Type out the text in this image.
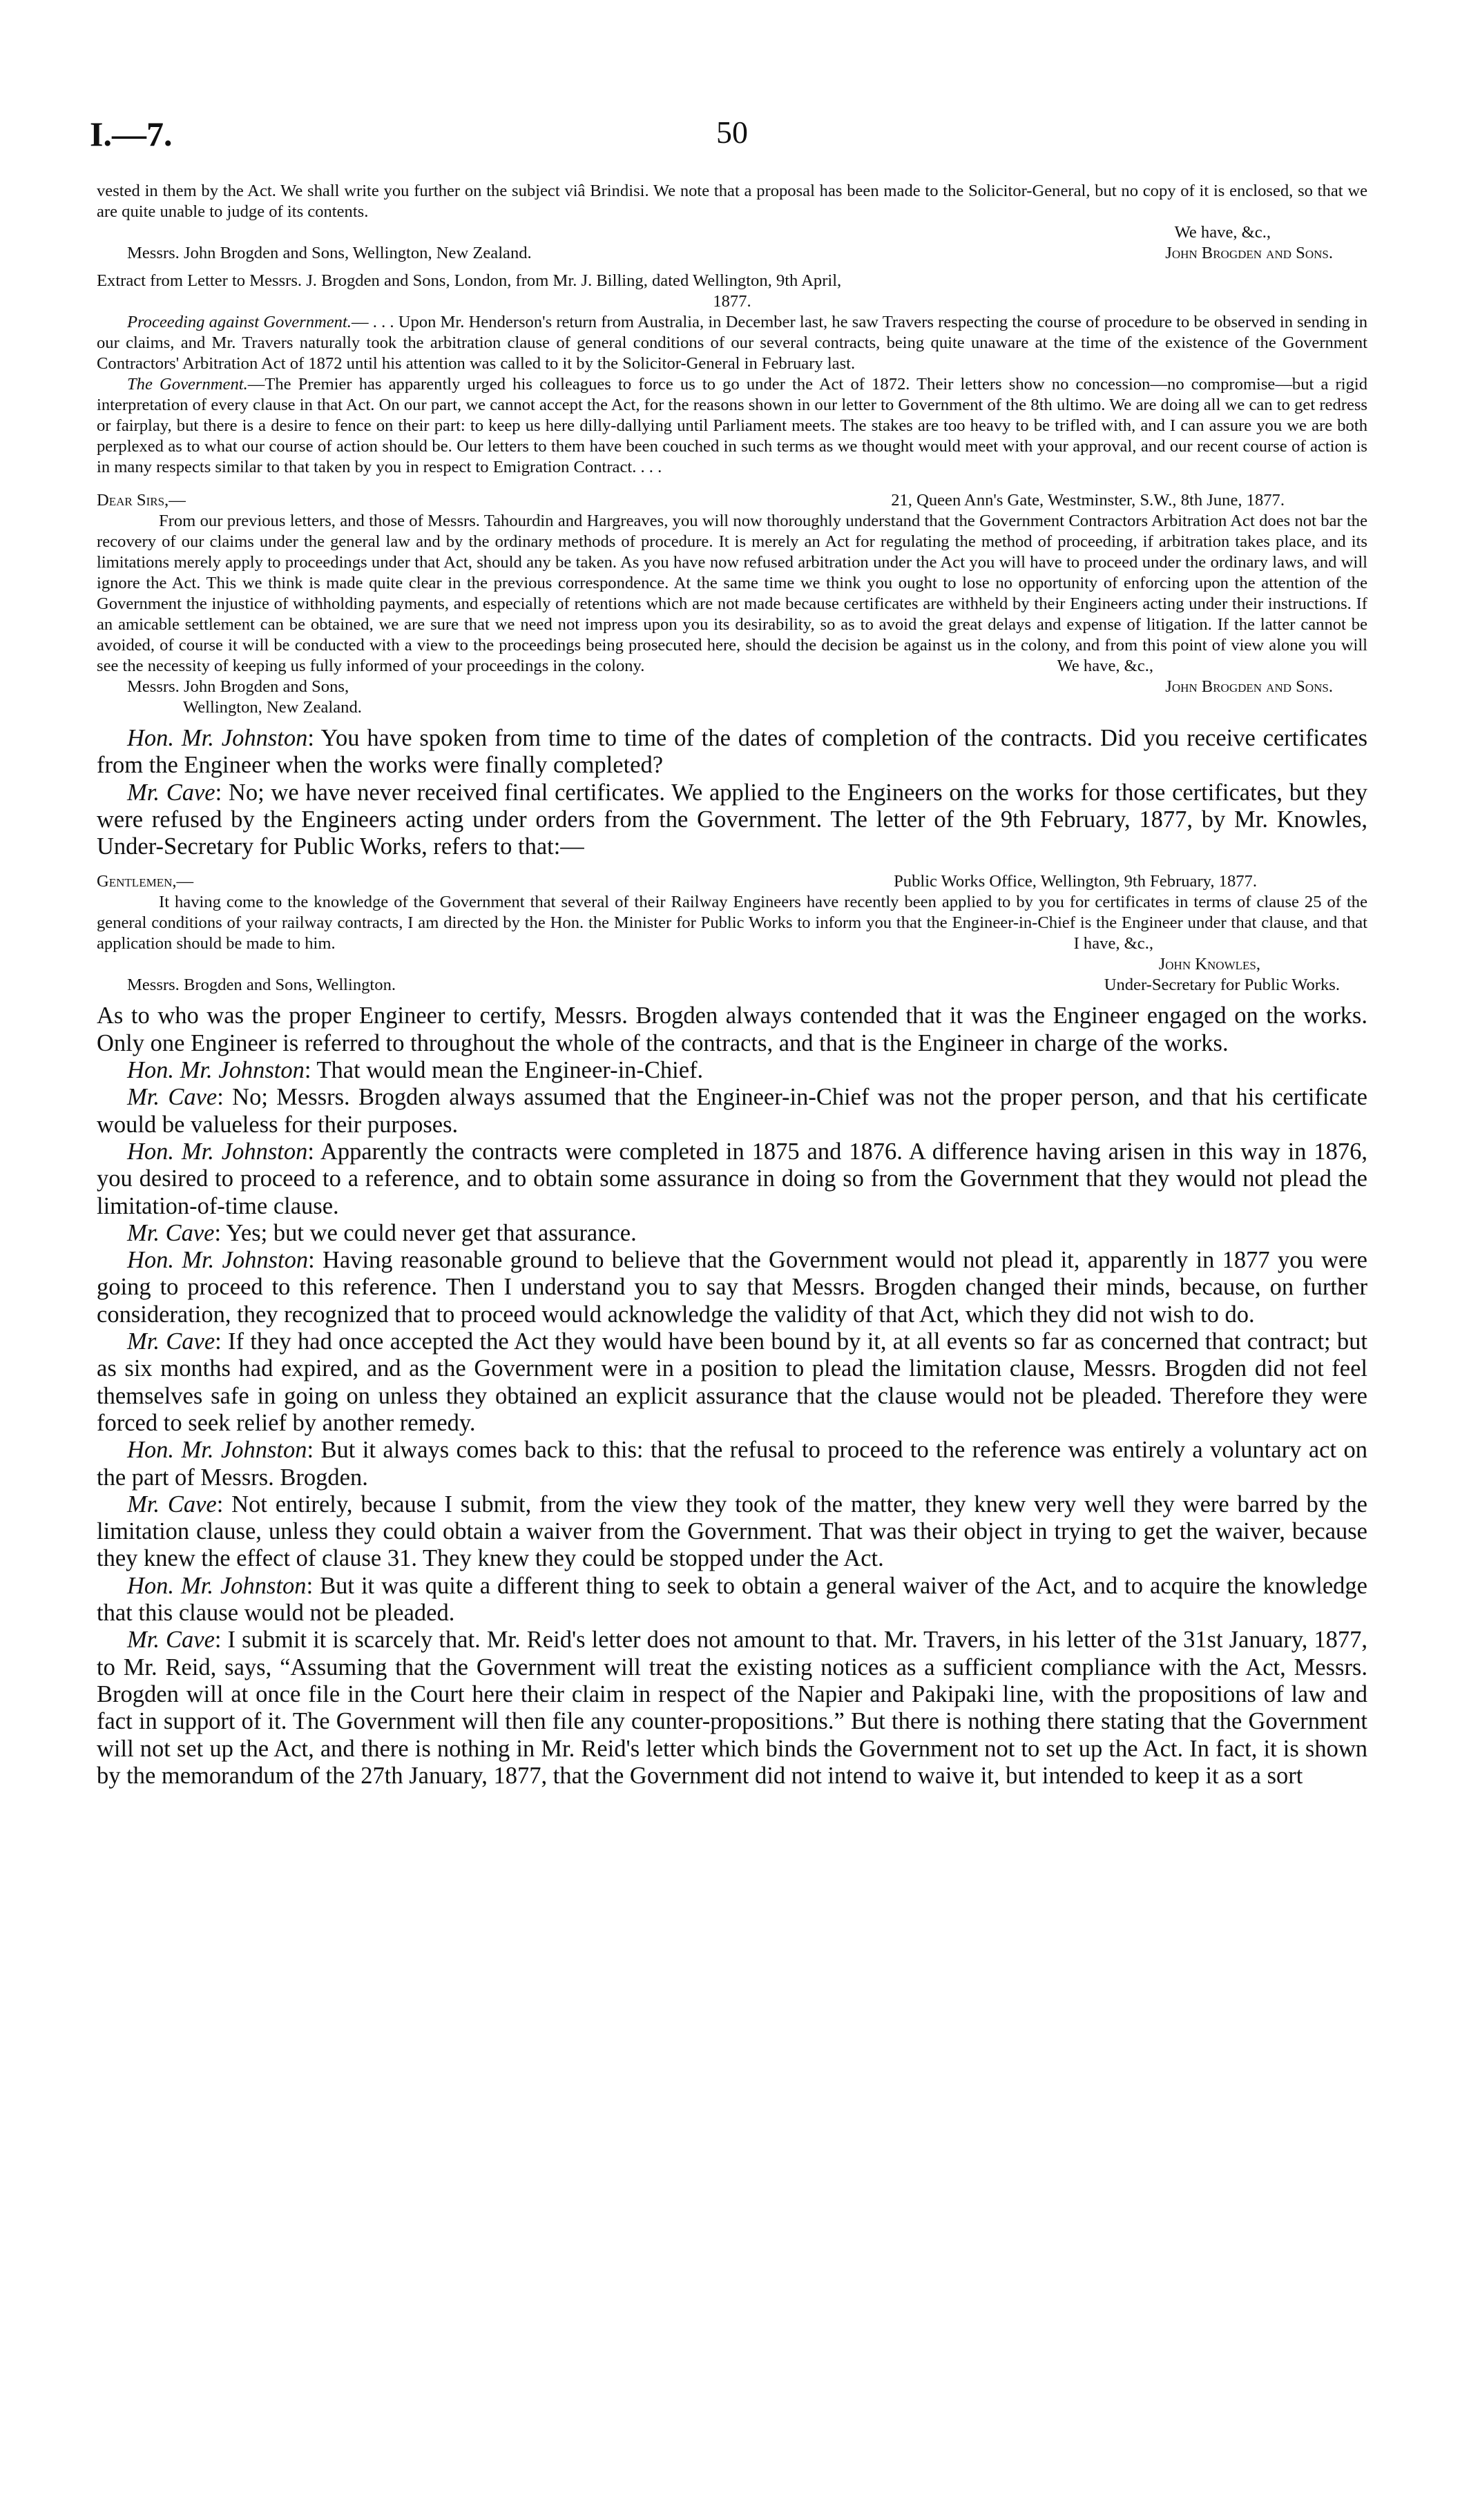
I.—7.	50

vested in them by the Act. We shall write you further on the subject viâ Brindisi. We note that a proposal has been made to the Solicitor-General, but no copy of it is enclosed, so that we are quite unable to judge of its contents.

We have, &c.,

Messrs. John Brogden and Sons, Wellington, New Zealand.	John Brogden and Sons.

Extract from Letter to Messrs. J. Brogden and Sons, London, from Mr. J. Billing, dated Wellington, 9th April,

1877.

Proceeding against Government.— . . . Upon Mr. Henderson's return from Australia, in December last, he saw Travers respecting the course of procedure to be observed in sending in our claims, and Mr. Travers naturally took the arbitration clause of general conditions of our several contracts, being quite unaware at the time of the existence of the Government Contractors' Arbitration Act of 1872 until his attention was called to it by the Solicitor-General in February last.

The Government.—The Premier has apparently urged his colleagues to force us to go under the Act of 1872. Their letters show no concession—no compromise—but a rigid interpretation of every clause in that Act. On our part, we cannot accept the Act, for the reasons shown in our letter to Government of the 8th ultimo. We are doing all we can to get redress or fairplay, but there is a desire to fence on their part: to keep us here dilly-dallying until Parliament meets. The stakes are too heavy to be trifled with, and I can assure you we are both perplexed as to what our course of action should be. Our letters to them have been couched in such terms as we thought would meet with your approval, and our recent course of action is in many respects similar to that taken by you in respect to Emigration Contract. . . .

Dear Sirs,—	21, Queen Ann's Gate, Westminster, S.W., 8th June, 1877.

From our previous letters, and those of Messrs. Tahourdin and Hargreaves, you will now thoroughly understand that the Government Contractors Arbitration Act does not bar the recovery of our claims under the general law and by the ordinary methods of procedure. It is merely an Act for regulating the method of proceeding, if arbitration takes place, and its limitations merely apply to proceedings under that Act, should any be taken. As you have now refused arbitration under the Act you will have to proceed under the ordinary laws, and will ignore the Act. This we think is made quite clear in the previous correspondence. At the same time we think you ought to lose no opportunity of enforcing upon the attention of the Government the injustice of withholding payments, and especially of retentions which are not made because certificates are withheld by their Engineers acting under their instructions. If an amicable settlement can be obtained, we are sure that we need not impress upon you its desirability, so as to avoid the great delays and expense of litigation. If the latter cannot be avoided, of course it will be conducted with a view to the proceedings being prosecuted here, should the decision be against us in the colony, and from this point of view alone you will see the necessity of keeping us fully informed of your proceedings in the colony.	We have, &c.,

Messrs. John Brogden and Sons,	John Brogden and Sons.

Wellington, New Zealand.

Hon. Mr. Johnston: You have spoken from time to time of the dates of completion of the contracts. Did you receive certificates from the Engineer when the works were finally completed?

Mr. Cave: No; we have never received final certificates. We applied to the Engineers on the works for those certificates, but they were refused by the Engineers acting under orders from the Government. The letter of the 9th February, 1877, by Mr. Knowles, Under-Secretary for Public Works, refers to that:—

Gentlemen,—	Public Works Office, Wellington, 9th February, 1877.

It having come to the knowledge of the Government that several of their Railway Engineers have recently been applied to by you for certificates in terms of clause 25 of the general conditions of your railway contracts, I am directed by the Hon. the Minister for Public Works to inform you that the Engineer-in-Chief is the Engineer under that clause, and that application should be made to him.	I have, &c.,

John Knowles,

Messrs. Brogden and Sons, Wellington.	Under-Secretary for Public Works.

As to who was the proper Engineer to certify, Messrs. Brogden always contended that it was the Engineer engaged on the works. Only one Engineer is referred to throughout the whole of the contracts, and that is the Engineer in charge of the works.

Hon. Mr. Johnston: That would mean the Engineer-in-Chief.

Mr. Cave: No; Messrs. Brogden always assumed that the Engineer-in-Chief was not the proper person, and that his certificate would be valueless for their purposes.

Hon. Mr. Johnston: Apparently the contracts were completed in 1875 and 1876. A difference having arisen in this way in 1876, you desired to proceed to a reference, and to obtain some assurance in doing so from the Government that they would not plead the limitation-of-time clause.

Mr. Cave: Yes; but we could never get that assurance.

Hon. Mr. Johnston: Having reasonable ground to believe that the Government would not plead it, apparently in 1877 you were going to proceed to this reference. Then I understand you to say that Messrs. Brogden changed their minds, because, on further consideration, they recognized that to proceed would acknowledge the validity of that Act, which they did not wish to do.

Mr. Cave: If they had once accepted the Act they would have been bound by it, at all events so far as concerned that contract; but as six months had expired, and as the Government were in a position to plead the limitation clause, Messrs. Brogden did not feel themselves safe in going on unless they obtained an explicit assurance that the clause would not be pleaded. Therefore they were forced to seek relief by another remedy.

Hon. Mr. Johnston: But it always comes back to this: that the refusal to proceed to the reference was entirely a voluntary act on the part of Messrs. Brogden.

Mr. Cave: Not entirely, because I submit, from the view they took of the matter, they knew very well they were barred by the limitation clause, unless they could obtain a waiver from the Government. That was their object in trying to get the waiver, because they knew the effect of clause 31. They knew they could be stopped under the Act.

Hon. Mr. Johnston: But it was quite a different thing to seek to obtain a general waiver of the Act, and to acquire the knowledge that this clause would not be pleaded.

Mr. Cave: I submit it is scarcely that. Mr. Reid's letter does not amount to that. Mr. Travers, in his letter of the 31st January, 1877, to Mr. Reid, says, “Assuming that the Government will treat the existing notices as a sufficient compliance with the Act, Messrs. Brogden will at once file in the Court here their claim in respect of the Napier and Pakipaki line, with the propositions of law and fact in support of it. The Government will then file any counter-propositions.” But there is nothing there stating that the Government will not set up the Act, and there is nothing in Mr. Reid's letter which binds the Government not to set up the Act. In fact, it is shown by the memorandum of the 27th January, 1877, that the Government did not intend to waive it, but intended to keep it as a sort
